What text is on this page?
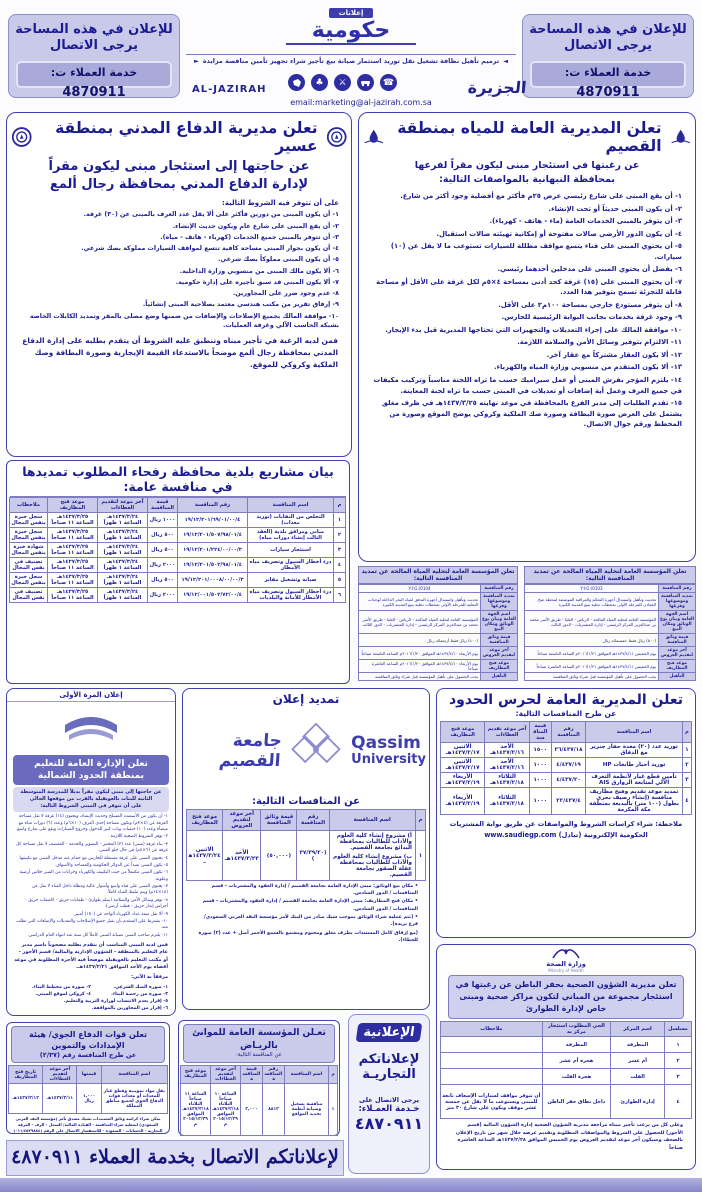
للإعلان في هذه المساحة
يرجى الاتصال
خدمة العملاء ت: 4870911
للإعلان في هذه المساحة
يرجى الاتصال
خدمة العملاء ت: 4870911
إعلانات
حكومية
◄
ترميم تأهيل نظافة تشغيل نقل توريد استثمار صيانة بيع تأجير شراء تجهيز تأمين مناقصة مزايدة
►
☎
⚔
♣
AL-JAZIRAH
email:marketing@al-jazirah.com.sa
الجزيرة
تعلن مديرية الدفاع المدني بمنطقة عسير
عن حاجتها إلى استئجار مبنى ليكون مقراً
لإدارة الدفاع المدني بمحافظة رجال ألمع
على أن تتوفر فيه الشروط التالية:
١- أن يكون المبنى من دورين فأكثر على ألا يقل عدد الغرف بالمبنى عن (٣٠) غرفة.
٢- أن يقع المبنى على شارع عام ويكون حديث الإنشاء.
٣- أن تتوفر بالمبنى جميع الخدمات (كهرباء - هاتف - مياه).
٤- أن يكون بجوار المبنى مساحة كافية تتسع لمواقف السيارات مملوكة بصك شرعي.
٥- أن يكون المبنى مملوكاً بصك شرعي.
٦- ألا يكون مالك المبنى من منسوبي وزارة الداخلية.
٧- ألا يكون المبنى قد سبق تأجيره على إدارة حكومية.
٨- عدم وجود ضرر على المجاورين.
٩- إرفاق تقرير من مكتب هندسي معتمد بصلاحية المبنى إنشائياً.
١٠- موافقة المالك بجميع الإصلاحات والإضافات من ضمنها وضع مصلى بالمقر وتمديد الكابلات الخاصة بشبكة الحاسب الآلي وغرفة العمليات.
فمن لديه الرغبة في تأجير مبناه وتنطبق عليه الشروط أن يتقدم بطلبه على إدارة الدفاع المدني بمحافظة رجال ألمع موضحاً بالاستدعاء القيمة الإيجارية وصورة البطاقة وصك الملكية وكروكي للموقع.
تعلن المديرية العامة للمياه بمنطقة القصيم
عن رغبتها في استئجار مبنى ليكون مقراً لفرعها
بمحافظة النبهانية بالمواصفات التالية:
١- أن يقع المبنى على شارع رئيسي عرض ٢٥م فأكثر مع أفضلية وجود أكثر من شارع.
٢- أن يكون المبنى حديثاً أو تحت الإنشاء.
٣- أن يتوفر بالمبنى الخدمات العامة (ماء - هاتف - كهرباء).
٤- أن يكون الدور الأرضي صالات مفتوحة أو إمكانية تهيئته صالات استقبال.
٥- أن يحتوي المبنى على فناء يتسع مواقف مظللة للسيارات تستوعب ما لا يقل عن (١٠) سيارات.
٦- يفضل أن يحتوي المبنى على مدخلين أحدهما رئيسي.
٧- أن يحتوي المبنى على (١٥) غرفة كحد أدنى بمساحة ٤×٥م لكل غرفة على الأقل أو مساحة قابلة للتجزئة تسمح بتوفير هذا العدد.
٨- أن يتوفر مستودع خارجي بمساحة ١٠٠م٢ على الأقل.
٩- وجود غرفة بخدمات بجانب البوابة الرئيسية للحارس.
١٠- موافقة المالك على إجراء التعديلات والتجهيزات التي تحتاجها المديرية قبل بدء الإيجار.
١١- الالتزام بتوفير وسائل الأمن والسلامة اللازمة.
١٢- ألا يكون العقار مشتركاً مع عقار آخر.
١٣- ألا يكون المتقدم من منسوبي وزارة المياه والكهرباء.
١٤- يلتزم المؤجر بفرش المبنى أو عمل سيراميك حسب ما تراه اللجنة مناسباً وتركيب مكيفات في جميع الغرف وعمل أية إضافات أو تعديلات في المبنى حسب ما تراه لجنة المعاينة.
١٥- تقدم الطلبات إلى مدير الفرع بالمحافظة في موعد نهايته ١٤٣٧/٣/٢٥هـ في ظرف مغلق يشتمل على العرض صورة البطاقة وصورة صك الملكية وكروكي يوضح الموقع وصورة من المخطط ورقم جوال الاتصال.
بيان مشاريع بلدية محافظة رفحاء المطلوب تمديدها في منافسة عامة:
م	اسم المنافسة	رقم المنافسة	قيمة المنافسة	آخر موعد لتقديم العطاءات	موعد فتح المظاريف	ملاحظات
١	التخلص من النفايات (توريد معدات)	١٩/١٢/٢٠١/٦٩/٠١/٠٠/٤	١٠٠٠ ريال	١٤٣٧/٣/٢٤هـ الساعة ١ ظهراً	١٤٣٧/٣/٢٥هـ الساعة ١١ صباحاً	سجل خبرة بنفس المجال
٢	مباني ومرافق بلدية (العقد الثالث إنشاء دورات مياه)	١٩/١٢/٢٠١/٥٠٧/٩٨/٠١/٤	٥٠٠ ريال	١٤٣٧/٣/٢٤هـ الساعة ١ ظهراً	١٤٣٧/٣/٢٥هـ الساعة ١١ صباحاً	سجل خبرة بنفس المجال
٣	استئجار سيارات	١٩/١٢/٢٠١/٢٢٤/٠٠/٠٠/٢	٥٠٠ ريال	١٤٣٧/٣/٢٤هـ الساعة ١ ظهراً	١٤٣٧/٣/٢٥هـ الساعة ١١ صباحاً	شهادة خبرة بنفس المجال
٤	درء أخطار السيول وتصريف مياه الأمطار	١٩/١٢/٢٠١/٥٠٢/٩٨/٠١/٤	٢٠٠٠ ريال	١٤٣٧/٣/٢٤هـ الساعة ١ ظهراً	١٤٣٧/٣/٢٥هـ الساعة ١١ صباحاً	تصنيف في نفس المجال
٥	صيانة وتشغيل مقابر	١٩/١٢/٢٠١/٠٠٠٨/٠٠/٠٠/٣	٥٠٠ ريال	١٤٣٧/٣/٢٤هـ الساعة ١ ظهراً	١٤٣٧/٣/٢٥هـ الساعة ١١ صباحاً	سجل خبرة بنفس المجال
٦	درء أخطار السيول وتصريف مياه الأمطار للأمانة والبلديات	١٩/١٢/٠٠١/٥٠٢/٧٢/٠٠/٤	٢٠٠٠ ريال	١٤٣٧/٣/٢٤هـ الساعة ١ ظهراً	١٤٣٧/٣/٢٥هـ الساعة ١١ صباحاً	تصنيف في نفس المجال
تعلن المؤسسة العامة لتحلية المياه المالحة عن تمديد المنافسة التالية:
رقم المنافسة	Y:I:G:/0103
تمديد المنافسة وموضوعها وفرعها	تحديث وتأهيل واستبدال أجهزة التحكم والمراقبة الموضعية لمحطة ضخ المعادن للمرحلة الأولى بمحطات تحلية ينبع المدينة الكبيرة
اسم الجهة العامة وبيان نوع الوثائق ومكان البيع	المؤسسة العامة لتحلية المياه المالحة - الرياض - العليا - طريق الأمير محمد بن عبدالعزيز المركز الرئيسي - إدارة المشتريات - الدور الثالث
قيمة وثائق المنافسة	(٥٠٠) ريال فقط خمسمائة ريال
آخر موعد لتقديم العروض	يوم الخميس ١٤٣٧/٤/١١هـ الموافق ٢٠١٦/١/٢١م الساعة التاسعة صباحاً
موعد فتح المظاريف	يوم الخميس ١٤٣٧/٤/١١هـ الموافق ٢٠١٦/١/٢١م الساعة العاشرة صباحاً
التأهيل	يجب الحصول على تأهيل المؤسسة قبل شراء وثائق المنافسة
تعلن المؤسسة العامة لتحلية المياه المالحة عن تمديد المنافسة التالية:
رقم المنافسة	Y:I:G:/0104
تمديد المنافسة وموضوعها وفرعها	تحديث وتأهيل واستبدال أجهزة التدفق لمياه البحر الداخلة لوحدات التحلية للمرحلة الأولى بمحطات تحلية ينبع المدينة الكبيرة
اسم الجهة العامة وبيان نوع الوثائق ومكان البيع	المؤسسة العامة لتحلية المياه المالحة - الرياض - العليا - طريق الأمير محمد بن عبدالعزيز المركز الرئيسي - إدارة المشتريات - الدور الثالث
قيمة وثائق المنافسة	(٤٠٠) ريال فقط أربعمائة ريال
آخر موعد لتقديم العروض	يوم الأربعاء ١٤٣٧/٤/١٠هـ الموافق ٢٠١٦/١/٢٠م الساعة التاسعة صباحاً
موعد فتح المظاريف	يوم الأربعاء ١٤٣٧/٤/١٠هـ الموافق ٢٠١٦/١/٢٠م الساعة العاشرة صباحاً
التأهيل	يجب الحصول على تأهيل المؤسسة قبل شراء وثائق المنافسة
إعلان المرة الأولى
تعلن الإدارة العامة للتعليم
بمنطقة الحدود الشمالية
عن حاجتها إلى مبنى ليكون مقراً بديلاً للمدرسة المتوسطة الثانية للبنات بالعويقيلة بالقرب من موقعها الحالي
على أن تتوفر في المبنى الشروط التالية:
١- أن يكون من الأسمنت المسلح وحديث الإنشاء، ويحتوي (١٤) غرفة لا تقل مساحة الغرفة عن (٤×٣م) وتكون مساحة إحدى الغرف (١٠×٦م) وعدد (٦) دورات مياه مع ميضأة وعدد (١٠) حنفيات وباب كبير للدخول وخروج السيارات ويقع على شارع واسع.
٢- توفر الشروط الصحية اللازمة.
٣- بناء غرفة (مبنى) عدد (٣) المختبر - التصوير والخدمة - المقصف لا تقل مساحة كل غرفة عن (٦×٤م) في حال خلو المبنى.
٤- يحتوي المبنى على غرفة مستقلة للحارس مع حمام عند مدخل المبنى مع تكييفها.
٥- يكون المبنى بعيداً عن الدوائر الحكومية والمساجد والأسواق.
٦- يكون المبنى مكتملاً من حيث التكييف والكهرباء وخزانات من الفيبر جلاس أرضية وعلوية.
٧- يحتوي المبنى على فناء واسع وأسوار عالية ومظلة داخل الفناء لا تقل عن (١٨×١٤م) ويتم تبليط الفناء كاملاً.
٨- توفر وسائل الأمن والسلامة (سلم طوارئ - طفايات حريق - كاشفات حريق - أجراس إنذار حريق - قطب أرضي).
٩- ألا تقل سعة عداد الكهرباء الواحد عن (١٥٠) أمبير.
١٠- يشترط على المتقدم بأن يقبل جميع الإصلاحات والتعديلات والإضافات التي تطلب منه.
١١- يلتزم صاحب المبنى بصيانة المبنى كاملاً كل سنة عند انتهاء العام الدراسي.
فمن لديه المبنى المناسب أن يتقدم بطلبه مصحوباً باسم مدير عام التعليم بالمنطقة - الشؤون الإدارية والمالية/ قسم الأجور - أو مكتب التعليم بالعويقيلة موضحاً فيه الأجرة المطلوبة في موعد أقصاه يوم الأحد الموافق ١٤٣٧/٢/٢١هـ.
مرفقاً به الآتي:
١- صورة الصك الشرعي.
٢- صورة من مخطط البناء.
٣- صورة من رخصة البناء.
٤- كروكي لموقع المبنى.
٥- إقرار بعدم الانتساب لوزارة التربية والتعليم.
٦- إقرار من المجاورين بالموافقة.
تمديد إعلان
Qassim
University
جامعة القصيم
عن المنافسات التالية:
م	اسم المنافسة	رقم المنافسة	قيمة وثائق المنافسة	آخر موعد لتقديم العروض	موعد فتح المظاريف
١	أ) مشروع إنشاء كلية العلوم والآداب للطالبات بمحافظة البدائع بجامعة القصيم.
ب) مشروع إنشاء كلية العلوم والآداب للطالبات بمحافظة عقلة الصقور بجامعة القصيم.	(٣٧/٣٩/٢٠)	(٥٠,٠٠٠)	الأحد ١٤٣٧/٣/٢٣هـ	الاثنين ١٤٣٧/٣/٢٤هـ
• مكان بيع الوثائق: مبنى الإدارة العامة بجامعة القصيم / إدارة العقود والمشتريات - قسم المنافسات / الدور السادس.
• مكان فتح المظاريف: مبنى الإدارة العامة بجامعة القصيم / إدارة العقود والمشتريات - قسم المنافسات / الدور السادس.
• (تتم عملية شراء الوثائق بموجب شيك صادر من البنك لأمر مؤسسة النقد العربي السعودي/ فرع بريدة).
(مع إرفاق كامل المستندات بظرف مغلق ومختوم ومشمع بالشمع الأحمر أصل + عدد (٢) صورة للعطاء).
تعلن المديرية العامة لحرس الحدود
عن طرح المنافسات التالية:
م	اسم المنافسة	رقم المنافسة	قيمة المنافسة	آخر موعد تقديم العطاءات	موعد فتح المظاريف
١	توريد عدد (٢٠) معدة حفار جنزير مع الدقاق	٣٦/٤٣٧/١٨	١٥٠٠	الأحد ١٤٣٧/٢/١٦هـ	الاثنين ١٤٣٧/٢/١٧هـ
٢	توريد أحبار طابعات HP	٤/٤٣٧/١٩	١٠٠٠	الأحد ١٤٣٧/٢/١٦هـ	الاثنين ١٤٣٧/٢/١٧هـ
٣	تأمين قطع غيار لأنظمة التعرف الآلي لمتابعة الزوارق AIS	٤/٤٣٧/٢٠	١٠٠٠	الثلاثاء ١٤٣٧/٢/١٨هـ	الأربعاء ١٤٣٧/٢/١٩هـ
٤	تمديد موعد تقديم وفتح مظاريف منافسة (إنشاء رصيف بحري بطول (١٠٠ متر) بالبديعة بمنطقة مكة المكرمة	٢٢/٤٣٧/٤	١٠٠٠	الثلاثاء ١٤٣٧/٢/١٨هـ	الأربعاء ١٤٣٧/٢/١٩هـ
ملاحظة: شراء كراسات الشروط والمواصفات عن طريق بوابة المشتريات الحكومية الإلكترونية (تبادل) www.saudiegp.com
وزارة الصحة
Ministry of Health
تعلن مديرية الشؤون الصحية بحفر الباطن عن رغبتها في استئجار مجموعة من المباني لتكون مراكز صحية ومبنى خاص لإدارة الطوارئ
مسلسل	اسم المركز	الحي المطلوب استئجار مركز به	ملاحظات
١	المطرفة	المطرفة	
٢	أم عشر	هجرة أم عشر	
٣	القلت	هجرة القلت	
٤	إدارة الطوارئ	داخل نطاق حفر الباطن	أن تتوفر مواقف لسيارات الإسعاف تابعة للمبنى ويستوعب ما لا يقل عن خمسة عشر موقف ويكون على شارع ٣٠ متر
وعلى كل من يرغب تأجير مبناه مراجعة مديرية الشؤون الصحية إدارة الشؤون المالية (قسم الأجور) للحصول على الشروط والمواصفات المطلوبة وتقديم عرضه خلال شهر من تاريخ الإعلان بالصحف وسيكون آخر موعد لتقديم العروض يوم الخميس الموافق ١٤٣٧/٢/٢٨هـ الساعة العاشرة صباحاً
تعلن قوات الدفاع الجوي/ هيئة الإمدادات والتموين
عن طرح المنافسة رقم (٢/٣٧)
اسم المنافسة	قيمتها	آخر موعد لتقديم العطاءات	تاريخ فتح المظاريف
نقل مواد تموينية وقطع غيار للمعدات أو معدات قوات الدفاع الجوي لجميع مناطق المملكة	١,٠٠٠ ريال	١٤٣٧/٣/١١هـ	١٤٣٧/٣/١٢هـ
يمكن شراء كراسة وثائق المستندات بشيك مصدق بأمر (مؤسسة النقد العربي السعودي) لتغطية شراء المنافسة - القيادة المالية/ السجل - الرف - الغرفة التجارية - الحسابات - السعودة - للاستفسار الاتصال على الرقم (٠١١/٤٥٢٩٨٨٤)
تعـلن المؤسسة العامة للموانئ بالريـاض
عن المنافسة التالية:
م	اسم المنافسة	رقم المنافسة	قيمة المنافسة	آخر موعد لتقديم العطاءات	موعد فتح المظاريف
١	منافسة تشغيل وصيانة أنظمة تحديد المواقع	٨٨١٢	٢,٠٠٠	الساعة ١٠ صباحاً الثلاثاء ١٤٣٧/٣/١٨هـ الموافق ٢٠١٥/١٢/٢٩م	الساعة ١١ صباحاً الثلاثاء ١٤٣٧/٣/١٨هـ الموافق ٢٠١٥/١٢/٢٩م
الإعلانية
لإعلاناتكم
التجاريـة
يرجى الاتصال على
خـدمة العمـلاء:
٤٨٧٠٩١١
لإعلاناتكم الاتصال بخدمة العملاء ٤٨٧٠٩١١
